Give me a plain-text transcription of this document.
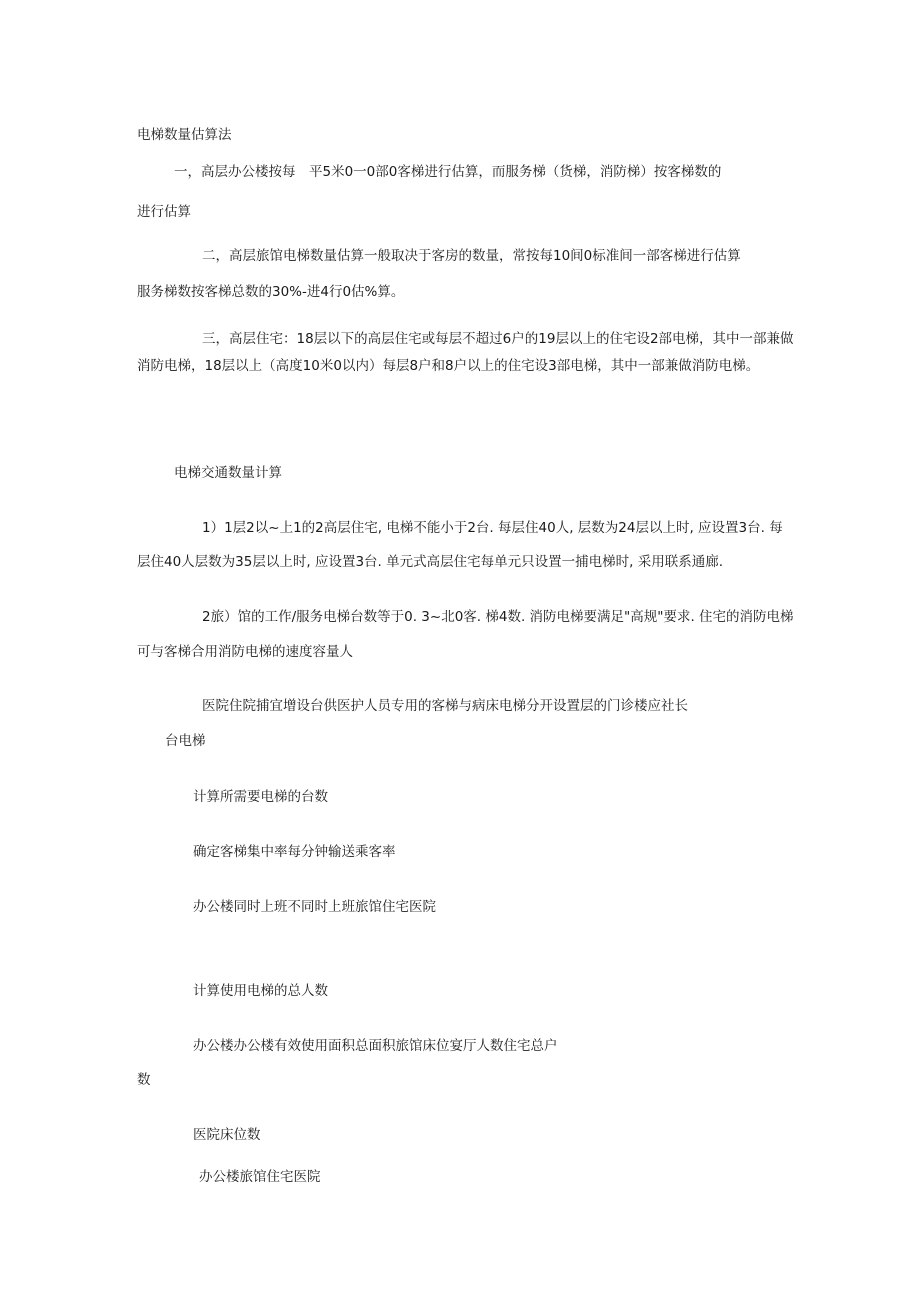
电梯数量估算法

一，高层办公楼按每　平5米0一0部0客梯进行估算，而服务梯（货梯，消防梯）按客梯数的

进行估算

二，高层旅馆电梯数量估算一般取决于客房的数量，常按每10间0标准间一部客梯进行估算

服务梯数按客梯总数的30%-进4行0估%算。

三，高层住宅：18层以下的高层住宅或每层不超过6户的19层以上的住宅设2部电梯，其中一部兼做

消防电梯，18层以上（高度10米0以内）每层8户和8户以上的住宅设3部电梯，其中一部兼做消防电梯。

电梯交通数量计算

1）1层2以~上1的2高层住宅, 电梯不能小于2台. 每层住40人, 层数为24层以上时, 应设置3台. 每

层住40人层数为35层以上时, 应设置3台. 单元式高层住宅每单元只设置一捕电梯时, 采用联系通廊.

2旅）馆的工作/服务电梯台数等于0. 3~北0客. 梯4数. 消防电梯要满足"高规"要求. 住宅的消防电梯

可与客梯合用消防电梯的速度容量人

医院住院捕宜增设台供医护人员专用的客梯与病床电梯分开设置层的门诊楼应社长

台电梯

计算所需要电梯的台数

确定客梯集中率每分钟输送乘客率

办公楼同时上班不同时上班旅馆住宅医院

计算使用电梯的总人数

办公楼办公楼有效使用面积总面积旅馆床位宴厅人数住宅总户

数

医院床位数

办公楼旅馆住宅医院
